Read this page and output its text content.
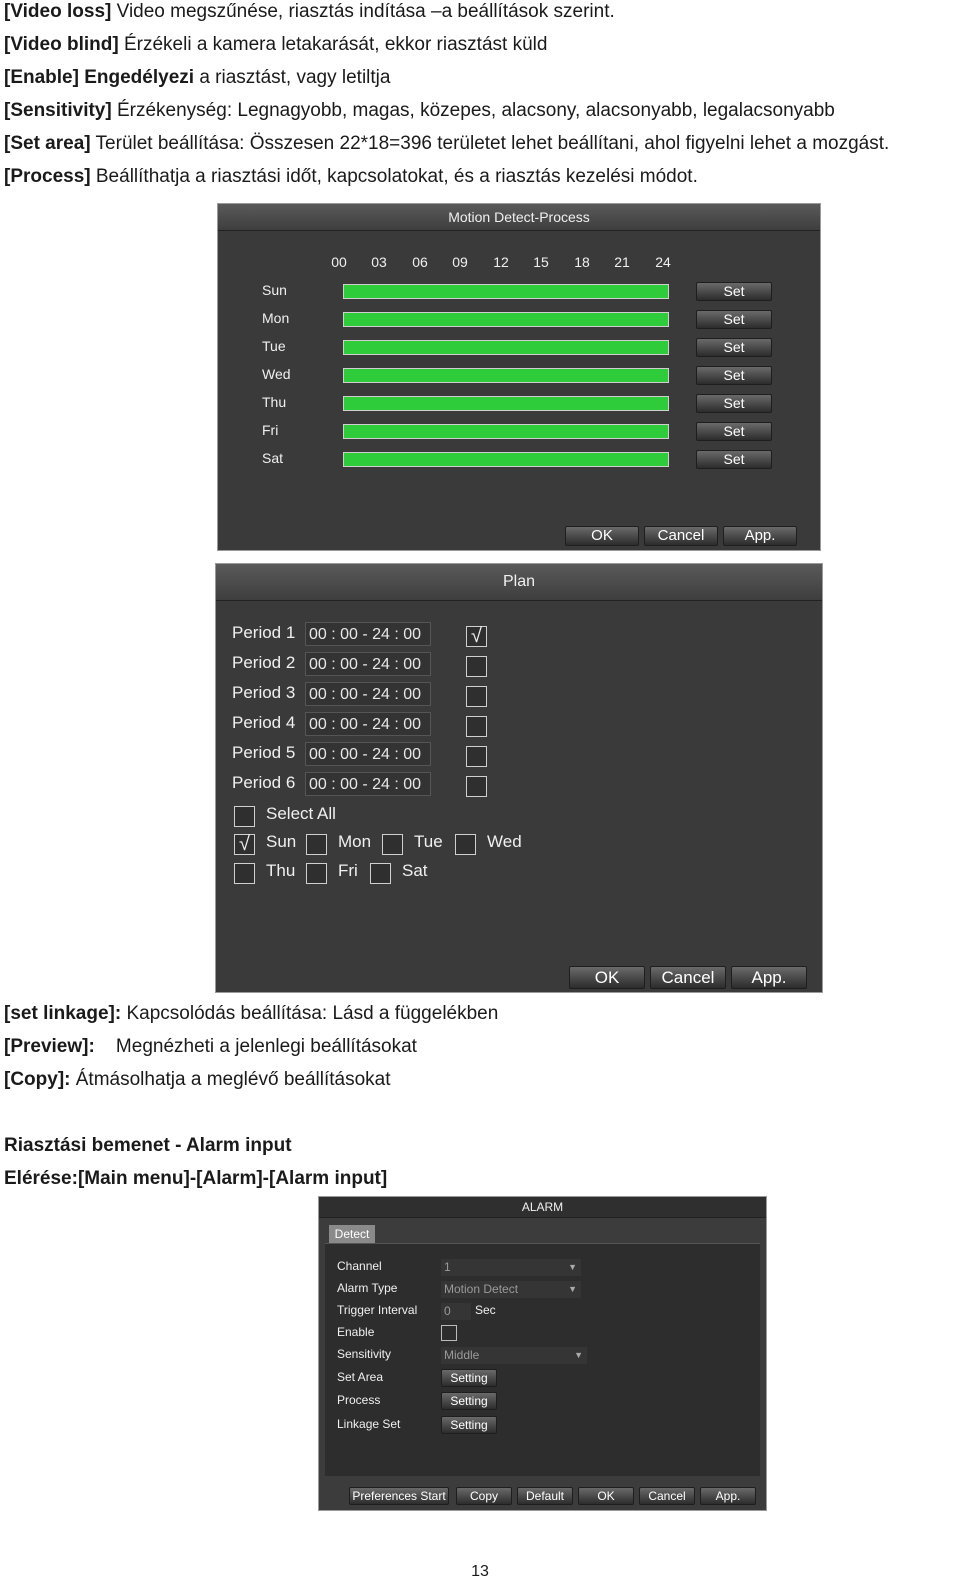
[Video loss] Video megszűnése, riasztás indítása –a beállítások szerint.
[Video blind] Érzékeli a kamera letakarását, ekkor riasztást küld
[Enable] Engedélyezi a riasztást, vagy letiltja
[Sensitivity] Érzékenység: Legnagyobb, magas, közepes, alacsony, alacsonyabb, legalacsonyabb
[Set area] Terület beállítása: Összesen 22*18=396 területet lehet beállítani, ahol figyelni lehet a mozgást.
[Process] Beállíthatja a riasztási időt, kapcsolatokat, és a riasztás kezelési módot.
Motion Detect-Process
00	03	06	09	12	15	18	21	24
Sun	Set
Mon	Set
Tue	Set
Wed	Set
Thu	Set
Fri	Set
Sat	Set
OK	Cancel	App.
Plan
Period 1 00 : 00 - 24 : 00	√
Period 2 00 : 00 - 24 : 00
Period 3 00 : 00 - 24 : 00
Period 4 00 : 00 - 24 : 00
Period 5 00 : 00 - 24 : 00
Period 6 00 : 00 - 24 : 00
Select All
√ Sun Mon	Tue	Wed
Thu	Fri	Sat
OK	Cancel	App.
[set linkage]: Kapcsolódás beállítása: Lásd a függelékben
[Preview]:    Megnézheti a jelenlegi beállításokat
[Copy]: Átmásolhatja a meglévő beállításokat
Riasztási bemenet - Alarm input
Elérése:[Main menu]-[Alarm]-[Alarm input]
ALARM
Detect
Channel	1	▼
Alarm Type	Motion Detect	▼
Trigger Interval 0	Sec
Enable
Sensitivity	Middle	▼
Set Area	Setting
Process	Setting
Linkage Set	Setting
Preferences Start	Copy	Default	OK	Cancel	App.
13
